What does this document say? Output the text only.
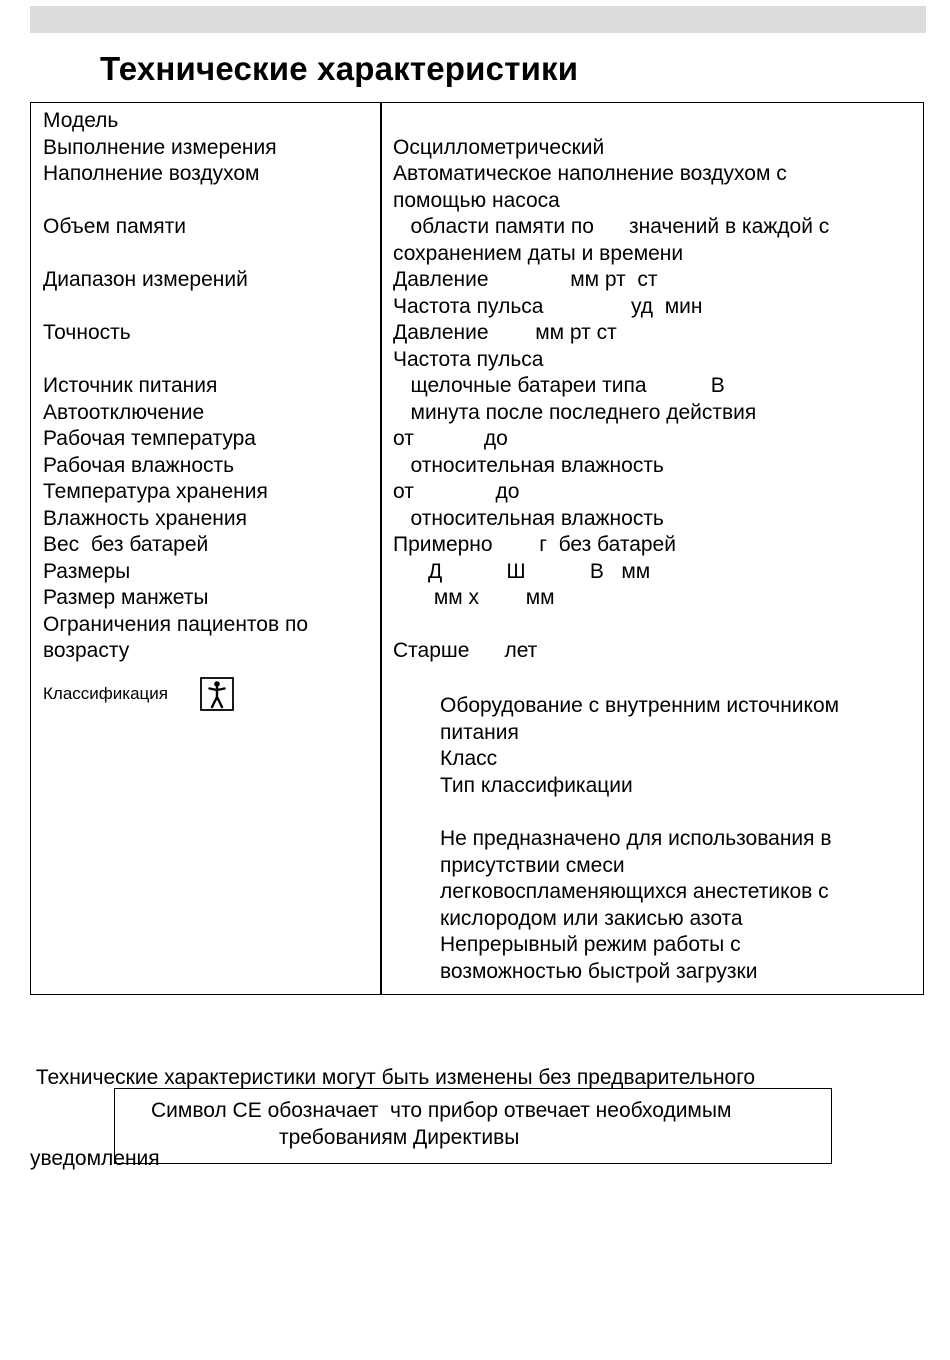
Технические характеристики
Модель
Выполнение измерения
Наполнение воздухом
Объем памяти
Диапазон измерений
Точность
Источник питания
Автоотключение
Рабочая температура
Рабочая влажность
Температура хранения
Влажность хранения
Вес  без батарей
Размеры
Размер манжеты
Ограничения пациентов по
возрасту
Классификация
Осциллометрический
Автоматическое наполнение воздухом с
помощью насоса
области памяти по      значений в каждой с
сохранением даты и времени
Давление              мм рт  ст
Частота пульса               уд  мин
Давление        мм рт ст
Частота пульса
щелочные батареи типа           В
минута после последнего действия
от            до
относительная влажность
от              до
относительная влажность
Примерно        г  без батарей
Д           Ш           В   мм
мм х        мм
Старше      лет
Оборудование с внутренним источником
питания
Класс
Тип классификации
Не предназначено для использования в
присутствии смеси
легковоспламеняющихся анестетиков с
кислородом или закисью азота
Непрерывный режим работы с
возможностью быстрой загрузки

Технические характеристики могут быть изменены без предварительного

уведомления

Символ CE обозначает  что прибор отвечает необходимым
требованиям Директивы
